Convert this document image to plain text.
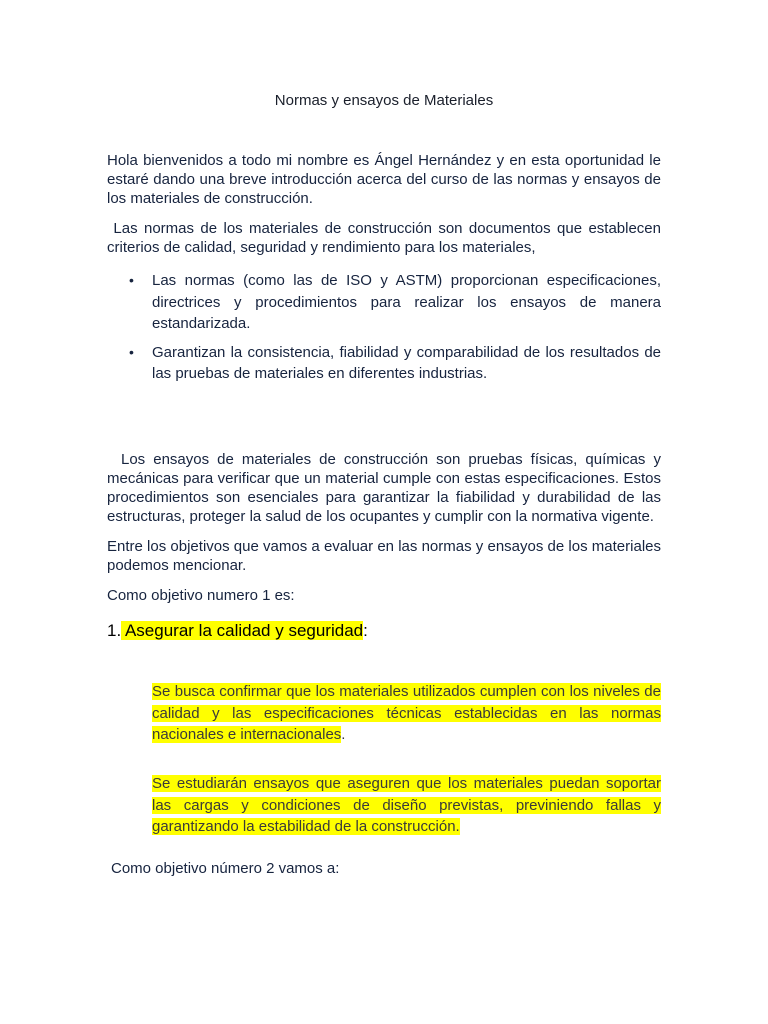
Normas y ensayos de Materiales

Hola bienvenidos a todo mi nombre es Ángel Hernández y en esta oportunidad le estaré dando una breve introducción acerca del curso de las normas y ensayos de los materiales de construcción.

Las normas de los materiales de construcción son documentos que establecen criterios de calidad, seguridad y rendimiento para los materiales,

• Las normas (como las de ISO y ASTM) proporcionan especificaciones, directrices y procedimientos para realizar los ensayos de manera estandarizada.
• Garantizan la consistencia, fiabilidad y comparabilidad de los resultados de las pruebas de materiales en diferentes industrias.

Los ensayos de materiales de construcción son pruebas físicas, químicas y mecánicas para verificar que un material cumple con estas especificaciones. Estos procedimientos son esenciales para garantizar la fiabilidad y durabilidad de las estructuras, proteger la salud de los ocupantes y cumplir con la normativa vigente.

Entre los objetivos que vamos a evaluar en las normas y ensayos de los materiales podemos mencionar.

Como objetivo numero 1 es:

1. Asegurar la calidad y seguridad:

Se busca confirmar que los materiales utilizados cumplen con los niveles de calidad y las especificaciones técnicas establecidas en las normas nacionales e internacionales.

Se estudiarán ensayos que aseguren que los materiales puedan soportar las cargas y condiciones de diseño previstas, previniendo fallas y garantizando la estabilidad de la construcción.

Como objetivo número 2 vamos a:
